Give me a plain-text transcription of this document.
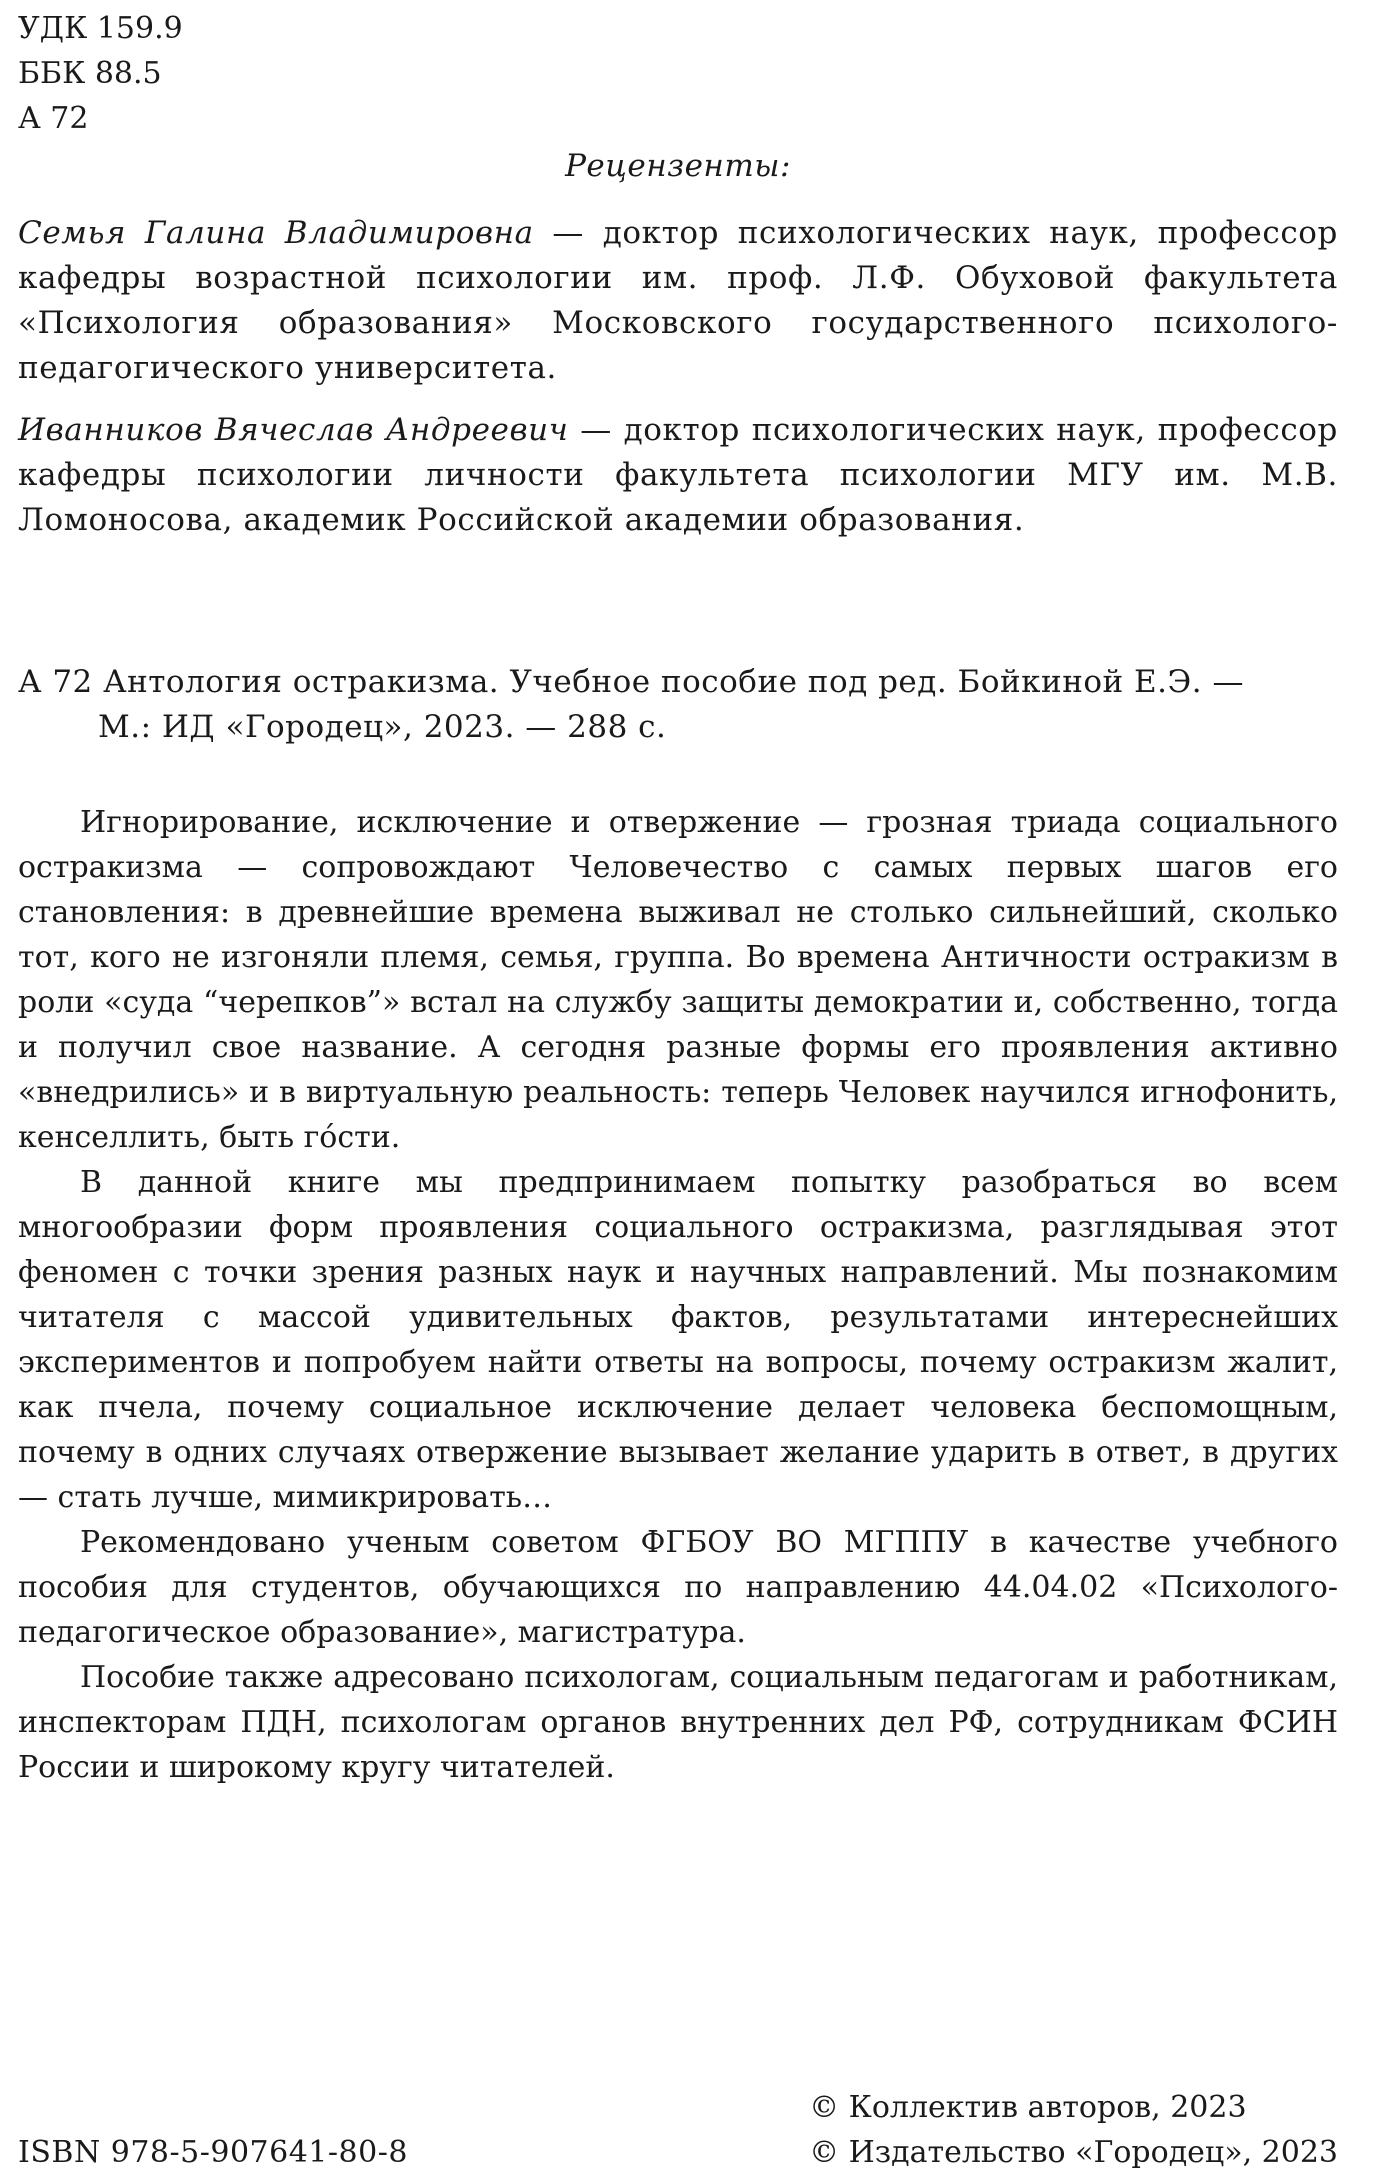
УДК 159.9
ББК 88.5
А 72
Рецензенты:
Семья Галина Владимировна — доктор психологических наук, профессор кафедры возрастной психологии им. проф. Л.Ф. Обуховой факультета «Психология образования» Московского государственного психолого-педагогического университета.
Иванников Вячеслав Андреевич — доктор психологических наук, профессор кафедры психологии личности факультета психологии МГУ им. М.В. Ломоносова, академик Российской академии образования.
А 72 Антология остракизма. Учебное пособие под ред. Бойкиной Е.Э. —
М.: ИД «Городец», 2023. — 288 с.

Игнорирование, исключение и отвержение — грозная триада социального остракизма — сопровождают Человечество с самых первых шагов его становления: в древнейшие времена выживал не столько сильнейший, сколько тот, кого не изгоняли племя, семья, группа. Во времена Античности остракизм в роли «суда “черепков”» встал на службу защиты демократии и, собственно, тогда и получил свое название. А сегодня разные формы его проявления активно «внедрились» и в виртуальную реальность: теперь Человек научился игнофонить, кенселлить, быть го́сти.

В данной книге мы предпринимаем попытку разобраться во всем многообразии форм проявления социального остракизма, разглядывая этот феномен с точки зрения разных наук и научных направлений. Мы познакомим читателя с массой удивительных фактов, результатами интереснейших экспериментов и попробуем найти ответы на вопросы, почему остракизм жалит, как пчела, почему социальное исключение делает человека беспомощным, почему в одних случаях отвержение вызывает желание ударить в ответ, в других — стать лучше, мимикрировать…

Рекомендовано ученым советом ФГБОУ ВО МГППУ в качестве учебного пособия для студентов, обучающихся по направлению 44.04.02 «Психолого-педагогическое образование», магистратура.

Пособие также адресовано психологам, социальным педагогам и работникам, инспекторам ПДН, психологам органов внутренних дел РФ, сотрудникам ФСИН России и широкому кругу читателей.

ISBN 978-5-907641-80-8
© Коллектив авторов, 2023
© Издательство «Городец», 2023
